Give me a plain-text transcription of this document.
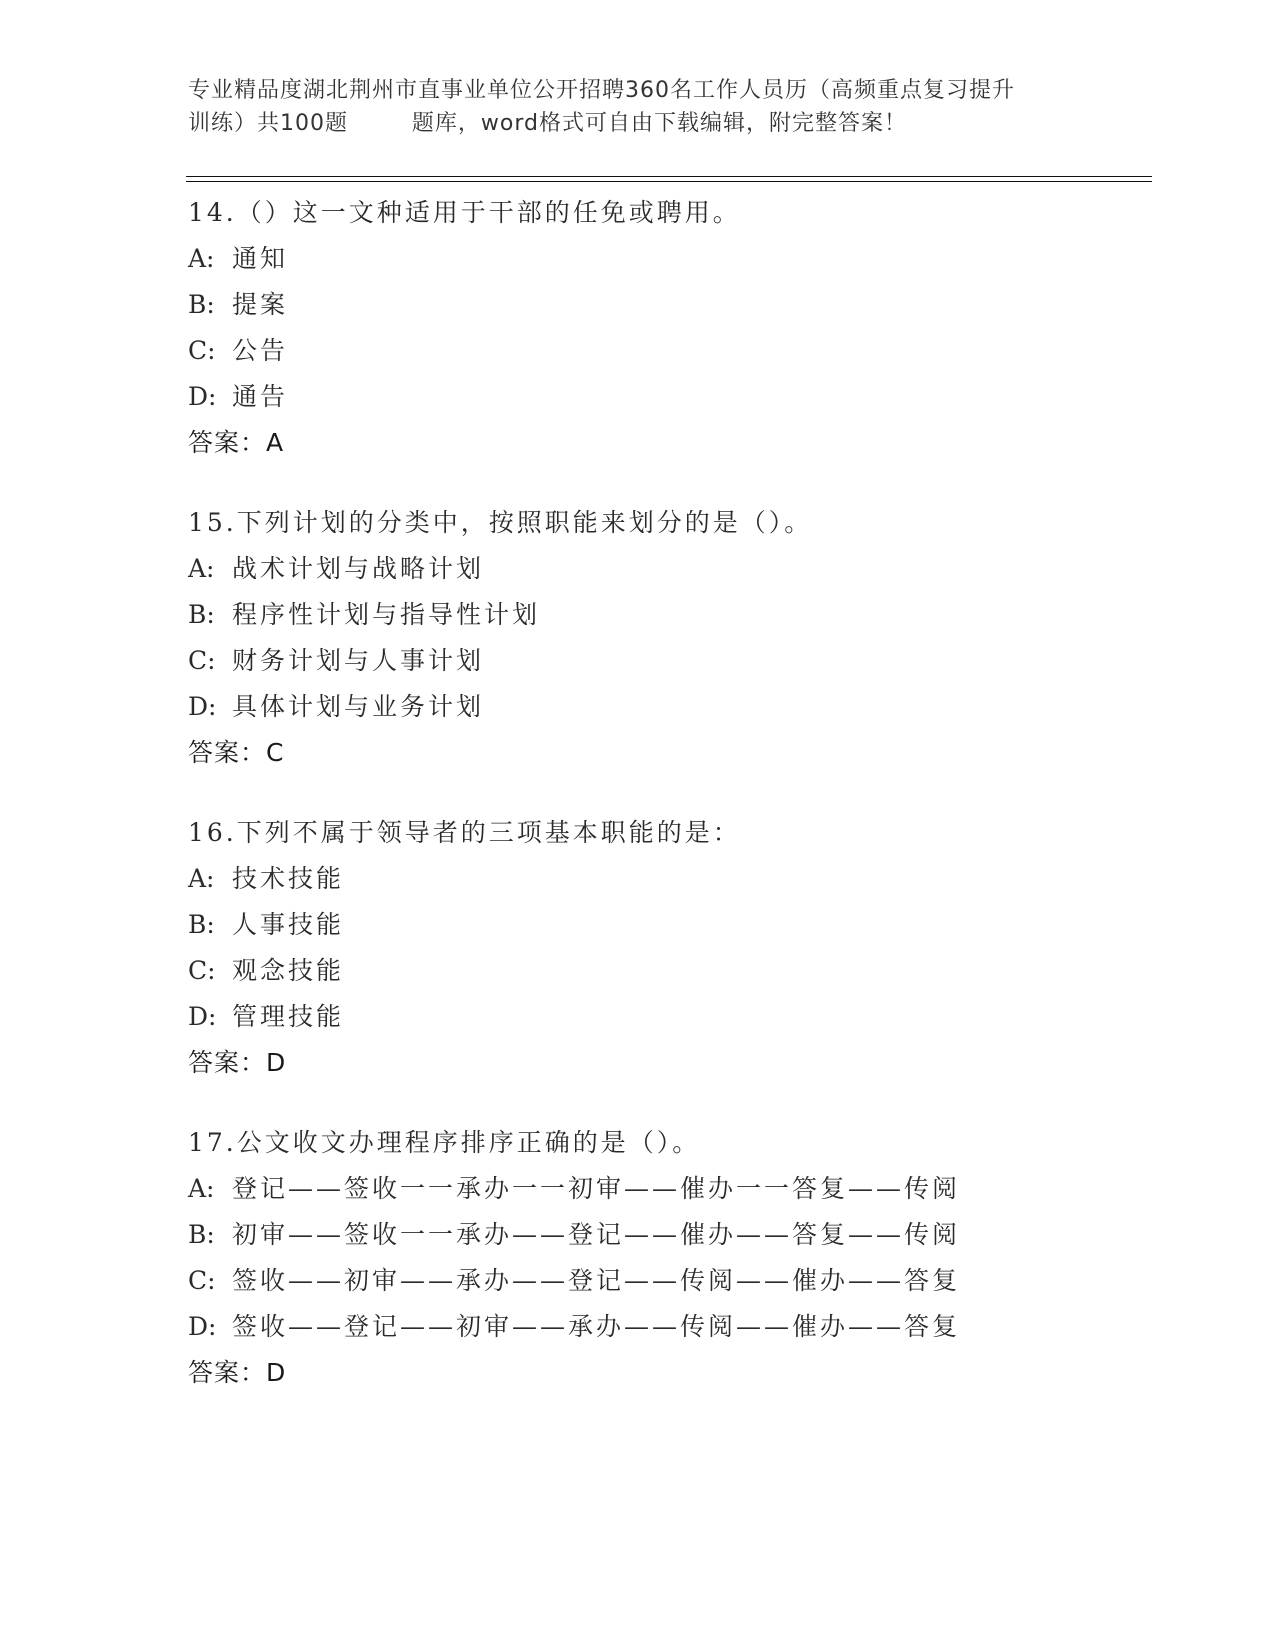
专业精品度湖北荆州市直事业单位公开招聘360名工作人员历（高频重点复习提升
训练）共100题        题库，word格式可自由下载编辑，附完整答案！
14.（）这一文种适用于干部的任免或聘用。
A: 通知
B: 提案
C: 公告
D: 通告
答案：A
15.下列计划的分类中，按照职能来划分的是（）。
A: 战术计划与战略计划
B: 程序性计划与指导性计划
C: 财务计划与人事计划
D: 具体计划与业务计划
答案：C
16.下列不属于领导者的三项基本职能的是：
A: 技术技能
B: 人事技能
C: 观念技能
D: 管理技能
答案：D
17.公文收文办理程序排序正确的是（）。
A: 登记——签收一一承办一一初审——催办一一答复——传阅
B: 初审——签收一一承办——登记——催办——答复——传阅
C: 签收——初审——承办——登记——传阅——催办——答复
D: 签收——登记——初审——承办——传阅——催办——答复
答案：D
